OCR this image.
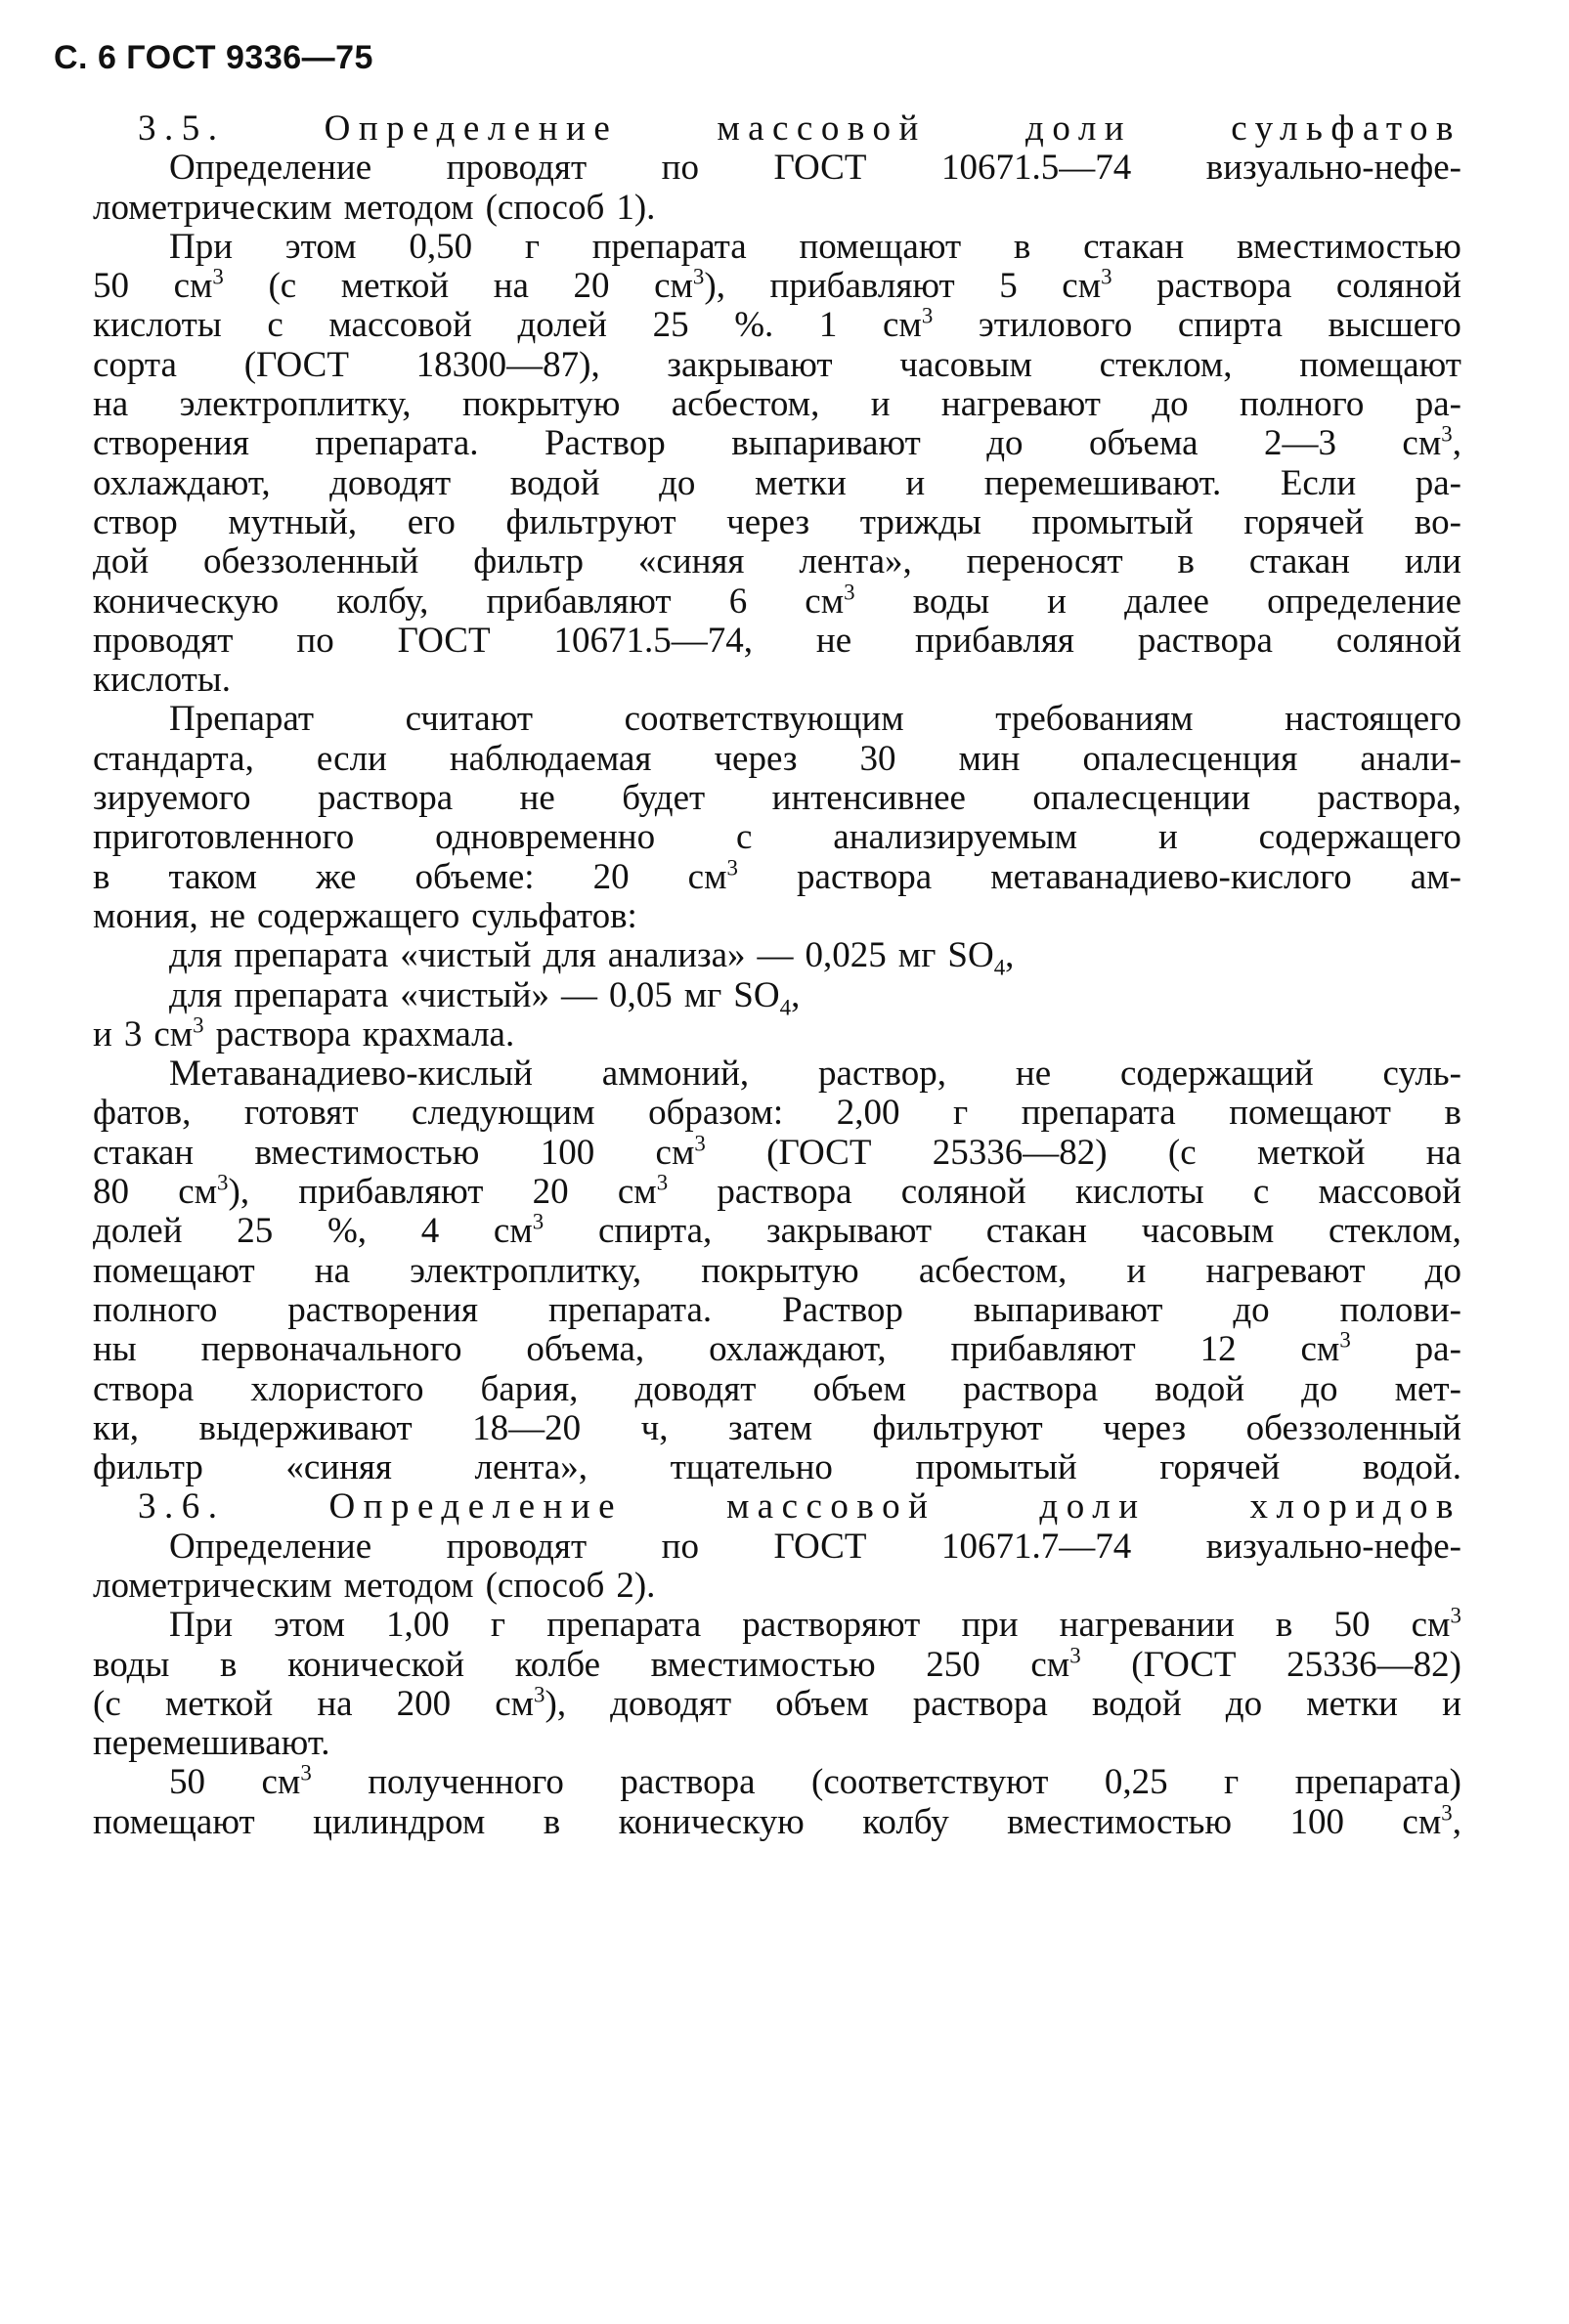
С. 6 ГОСТ 9336—75
3.5.	Определение	массовой	доли	сульфатов
Определение проводят по ГОСТ 10671.5—74 визуально-нефе-
лометрическим методом (способ 1).
При этом 0,50 г препарата помещают в стакан вместимостью
50 $см^3$ (с меткой на 20 $см^3$), прибавляют 5 $см^3$ раствора соляной
кислоты с массовой долей 25 %. 1 $см^3$ этилового спирта высшего
сорта (ГОСТ 18300—87), закрывают часовым стеклом, помещают
на электроплитку, покрытую асбестом, и нагревают до полного ра-
створения препарата. Раствор выпаривают до объема 2—3 $см^3$,
охлаждают, доводят водой до метки и перемешивают. Если ра-
створ мутный, его фильтруют через трижды промытый горячей во-
дой обеззоленный фильтр «синяя лента», переносят в стакан или
коническую колбу, прибавляют 6 $см^3$ воды и далее определение
проводят по ГОСТ 10671.5—74, не прибавляя раствора соляной
кислоты.
Препарат	считают	соответствующим	требованиям	настоящего
стандарта, если наблюдаемая через 30 мин опалесценция анали-
зируемого раствора не будет интенсивнее опалесценции раствора,
приготовленного одновременно с анализируемым и содержащего
в таком же объеме: 20 $см^3$ раствора метаванадиево-кислого ам-
мония, не содержащего сульфатов:
для препарата «чистый для анализа» — 0,025 мг $SO_4$,
для препарата «чистый» — 0,05 мг $SO_4$,
и 3 $см^3$ раствора крахмала.
Метаванадиево-кислый аммоний, раствор, не содержащий суль-
фатов, готовят следующим образом: 2,00 г препарата помещают в
стакан вместимостью 100 $см^3$ (ГОСТ 25336—82) (с меткой на
80 $см^3$), прибавляют 20 $см^3$ раствора соляной кислоты с массовой
долей 25 %, 4 $см^3$ спирта, закрывают стакан часовым стеклом,
помещают на электроплитку, покрытую асбестом, и нагревают до
полного растворения препарата. Раствор выпаривают до полови-
ны первоначального объема, охлаждают, прибавляют 12 $см^3$ ра-
створа хлористого бария, доводят объем раствора водой до мет-
ки, выдерживают 18—20 ч, затем фильтруют через обеззоленный
фильтр «синяя лента», тщательно промытый горячей водой.
3.6.	Определение	массовой	доли	хлоридов
Определение проводят по ГОСТ 10671.7—74 визуально-нефе-
лометрическим методом (способ 2).
При этом 1,00 г препарата растворяют при нагревании в 50 $см^3$
воды в конической колбе вместимостью 250 $см^3$ (ГОСТ 25336—82)
(с меткой на 200 $см^3$), доводят объем раствора водой до метки и
перемешивают.
50 $см^3$ полученного раствора (соответствуют 0,25 г препарата)
помещают цилиндром в коническую колбу вместимостью 100 $см^3$,
